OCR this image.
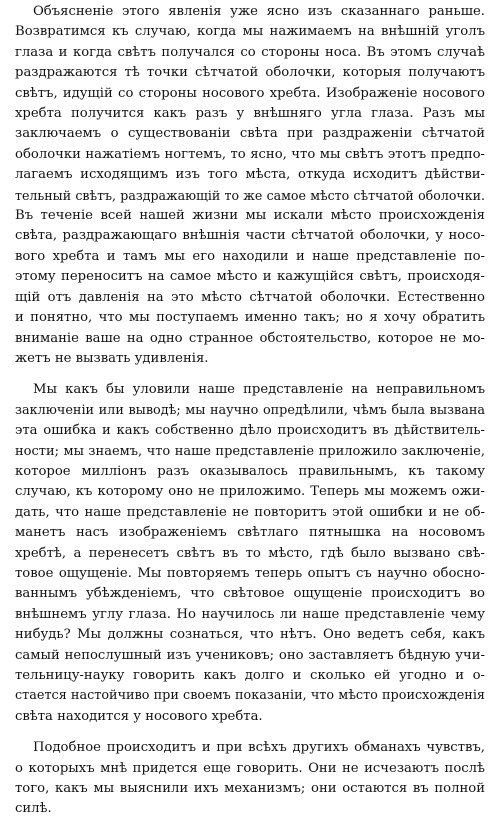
Объясненіе этого явленія уже ясно изъ сказаннаго раньше.
Возвратимся къ случаю, когда мы нажимаемъ на внѣшній уголъ
глаза и когда свѣтъ получался со стороны носа. Въ этомъ случаѣ
раздражаются тѣ точки сѣтчатой оболочки, которыя получаютъ
свѣтъ, идущій со стороны носового хребта. Изображеніе носового
хребта получится какъ разъ у внѣшняго угла глаза. Разъ мы
заключаемъ о существованіи свѣта при раздраженіи сѣтчатой
оболочки нажатіемъ ногтемъ, то ясно, что мы свѣтъ этотъ предпо-
лагаемъ исходящимъ изъ того мѣста, откуда исходитъ дѣйстви-
тельный свѣтъ, раздражающій то же самое мѣсто сѣтчатой оболочки.
Въ теченіе всей нашей жизни мы искали мѣсто происхожденія
свѣта, раздражающаго внѣшнія части сѣтчатой оболочки, у носо-
вого хребта и тамъ мы его находили и наше представленіе по-
этому переноситъ на самое мѣсто и кажущійся свѣтъ, происходя-
щій отъ давленія на это мѣсто сѣтчатой оболочки. Естественно
и понятно, что мы поступаемъ именно такъ; но я хочу обратить
вниманіе ваше на одно странное обстоятельство, которое не мо-
жетъ не вызвать удивленія.
Мы какъ бы уловили наше представленіе на неправильномъ
заключеніи или выводѣ; мы научно опредѣлили, чѣмъ была вызвана
эта ошибка и какъ собственно дѣло происходитъ въ дѣйствитель-
ности; мы знаемъ, что наше представленіе приложило заключеніе,
которое милліонъ разъ оказывалось правильнымъ, къ такому
случаю, къ которому оно не приложимо. Теперь мы можемъ ожи-
дать, что наше представленіе не повторитъ этой ошибки и не об-
манетъ насъ изображеніемъ свѣтлаго пятнышка на носовомъ
хребтѣ, а перенесетъ свѣтъ въ то мѣсто, гдѣ было вызвано свѣ-
товое ощущеніе. Мы повторяемъ теперь опытъ съ научно обосно-
ваннымъ убѣжденіемъ, что свѣтовое ощущеніе происходитъ во
внѣшнемъ углу глаза. Но научилось ли наше представленіе чему
нибудь? Мы должны сознаться, что нѣтъ. Оно ведетъ себя, какъ
самый непослушный изъ учениковъ; оно заставляетъ бѣдную учи-
тельницу-науку говорить какъ долго и сколько ей угодно и о-
стается настойчиво при своемъ показаніи, что мѣсто происхожденія
свѣта находится у носового хребта.
Подобное происходитъ и при всѣхъ другихъ обманахъ чувствъ,
о которыхъ мнѣ придется еще говорить. Они не исчезаютъ послѣ
того, какъ мы выяснили ихъ механизмъ; они остаются въ полной
силѣ.
